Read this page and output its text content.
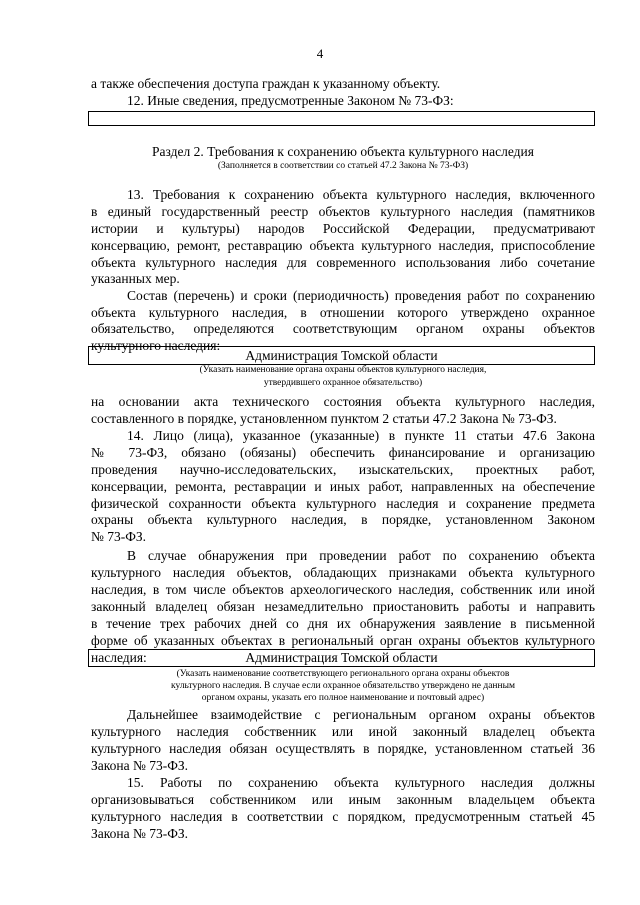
4

а также обеспечения доступа граждан к указанному объекту.

12. Иные сведения, предусмотренные Законом № 73-ФЗ:

Раздел 2. Требования к сохранению объекта культурного наследия
(Заполняется в соответствии со статьей 47.2 Закона № 73-ФЗ)

13. Требования к сохранению объекта культурного наследия, включенного

в единый государственный реестр объектов культурного наследия (памятников

истории и культуры) народов Российской Федерации, предусматривают

консервацию, ремонт, реставрацию объекта культурного наследия, приспособление

объекта культурного наследия для современного использования либо сочетание

указанных мер.

Состав (перечень) и сроки (периодичность) проведения работ по сохранению

объекта культурного наследия, в отношении которого утверждено охранное

обязательство, определяются соответствующим органом охраны объектов

культурного наследия:

Администрация Томской области
(Указать наименование органа охраны объектов культурного наследия,
утвердившего охранное обязательство)

на основании акта технического состояния объекта культурного наследия,

составленного в порядке, установленном пунктом 2 статьи 47.2 Закона № 73-ФЗ.

14. Лицо (лица), указанное (указанные) в пункте 11 статьи 47.6 Закона

№ 73-ФЗ, обязано (обязаны) обеспечить финансирование и организацию

проведения научно-исследовательских, изыскательских, проектных работ,

консервации, ремонта, реставрации и иных работ, направленных на обеспечение

физической сохранности объекта культурного наследия и сохранение предмета

охраны объекта культурного наследия, в порядке, установленном Законом

№ 73-ФЗ.

В случае обнаружения при проведении работ по сохранению объекта

культурного наследия объектов, обладающих признаками объекта культурного

наследия, в том числе объектов археологического наследия, собственник или иной

законный владелец обязан незамедлительно приостановить работы и направить

в течение трех рабочих дней со дня их обнаружения заявление в письменной

форме об указанных объектах в региональный орган охраны объектов культурного

наследия:	Администрация Томской области
(Указать наименование соответствующего регионального органа охраны объектов
культурного наследия. В случае если охранное обязательство утверждено не данным
органом охраны, указать его полное наименование и почтовый адрес)

Дальнейшее взаимодействие с региональным органом охраны объектов

культурного наследия собственник или иной законный владелец объекта

культурного наследия обязан осуществлять в порядке, установленном статьей 36

Закона № 73-ФЗ.

15. Работы по сохранению объекта культурного наследия должны

организовываться собственником или иным законным владельцем объекта

культурного наследия в соответствии с порядком, предусмотренным статьей 45

Закона № 73-ФЗ.
